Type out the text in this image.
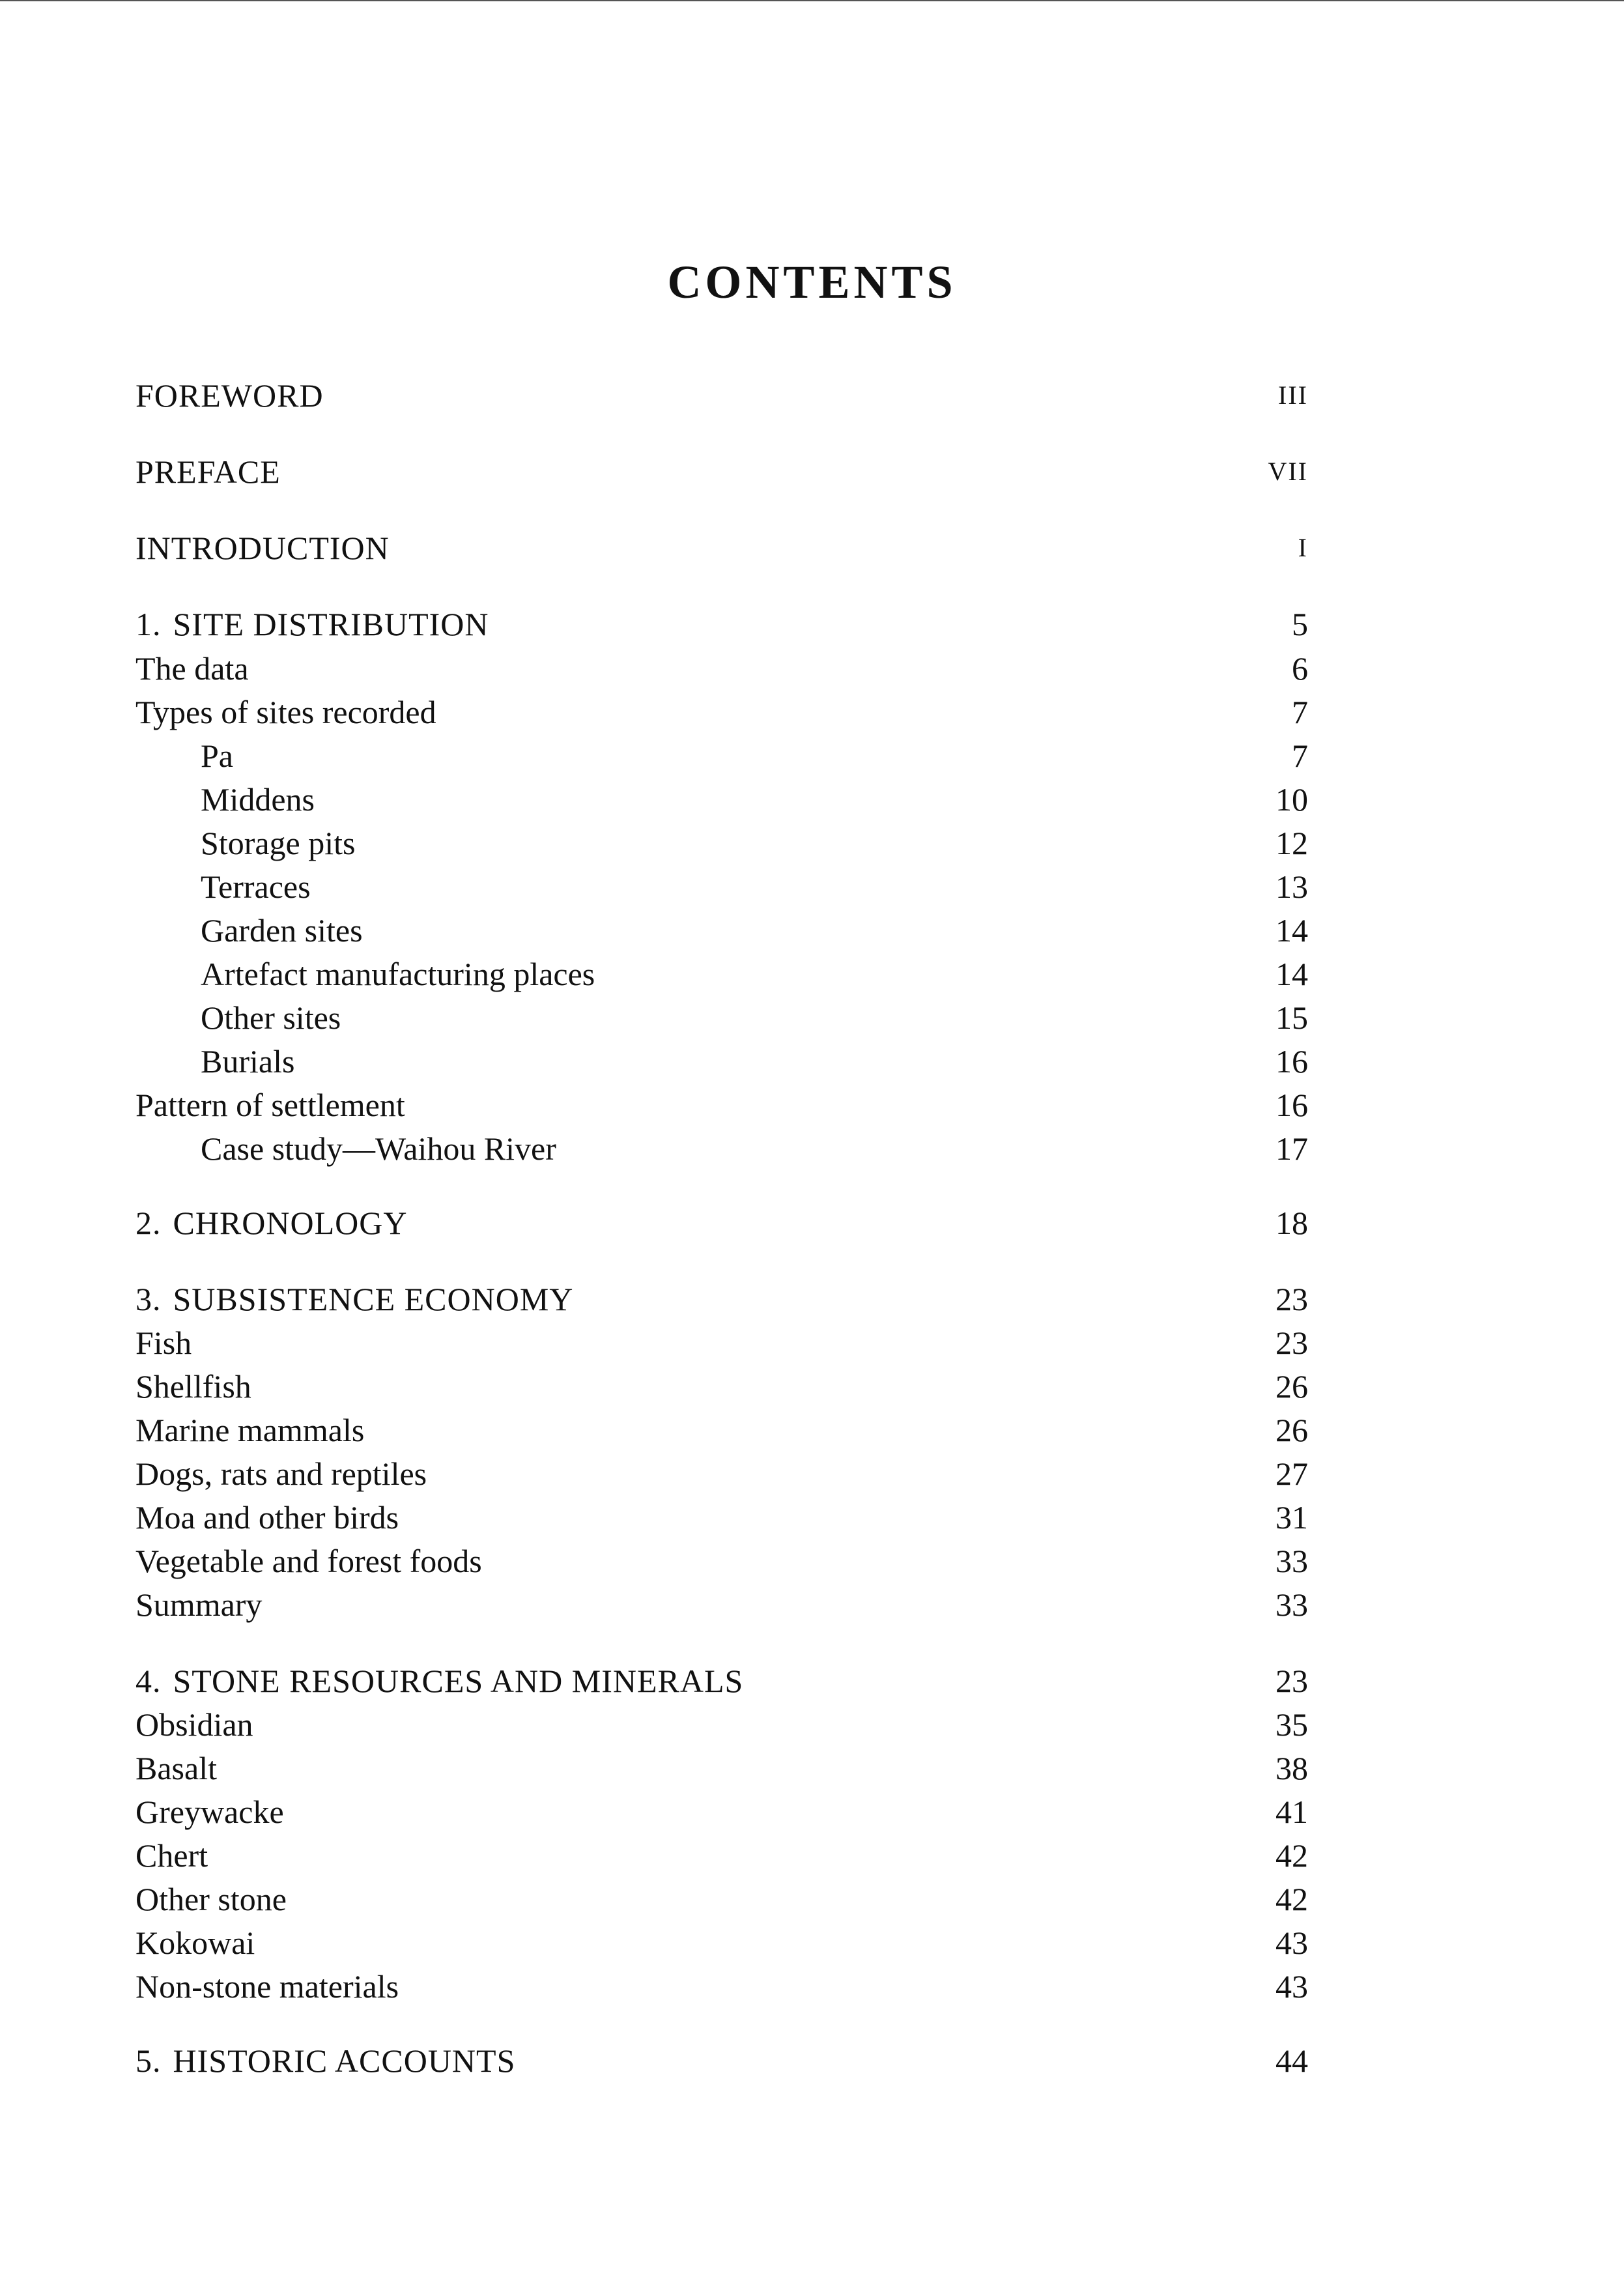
CONTENTS
FOREWORD	III
PREFACE	VII
INTRODUCTION	I
1. SITE DISTRIBUTION	5
The data	6
Types of sites recorded	7
Pa	7
Middens	10
Storage pits	12
Terraces	13
Garden sites	14
Artefact manufacturing places	14
Other sites	15
Burials	16
Pattern of settlement	16
Case study—Waihou River	17
2. CHRONOLOGY	18
3. SUBSISTENCE ECONOMY	23
Fish	23
Shellfish	26
Marine mammals	26
Dogs, rats and reptiles	27
Moa and other birds	31
Vegetable and forest foods	33
Summary	33
4. STONE RESOURCES AND MINERALS	23
Obsidian	35
Basalt	38
Greywacke	41
Chert	42
Other stone	42
Kokowai	43
Non-stone materials	43
5. HISTORIC ACCOUNTS	44
